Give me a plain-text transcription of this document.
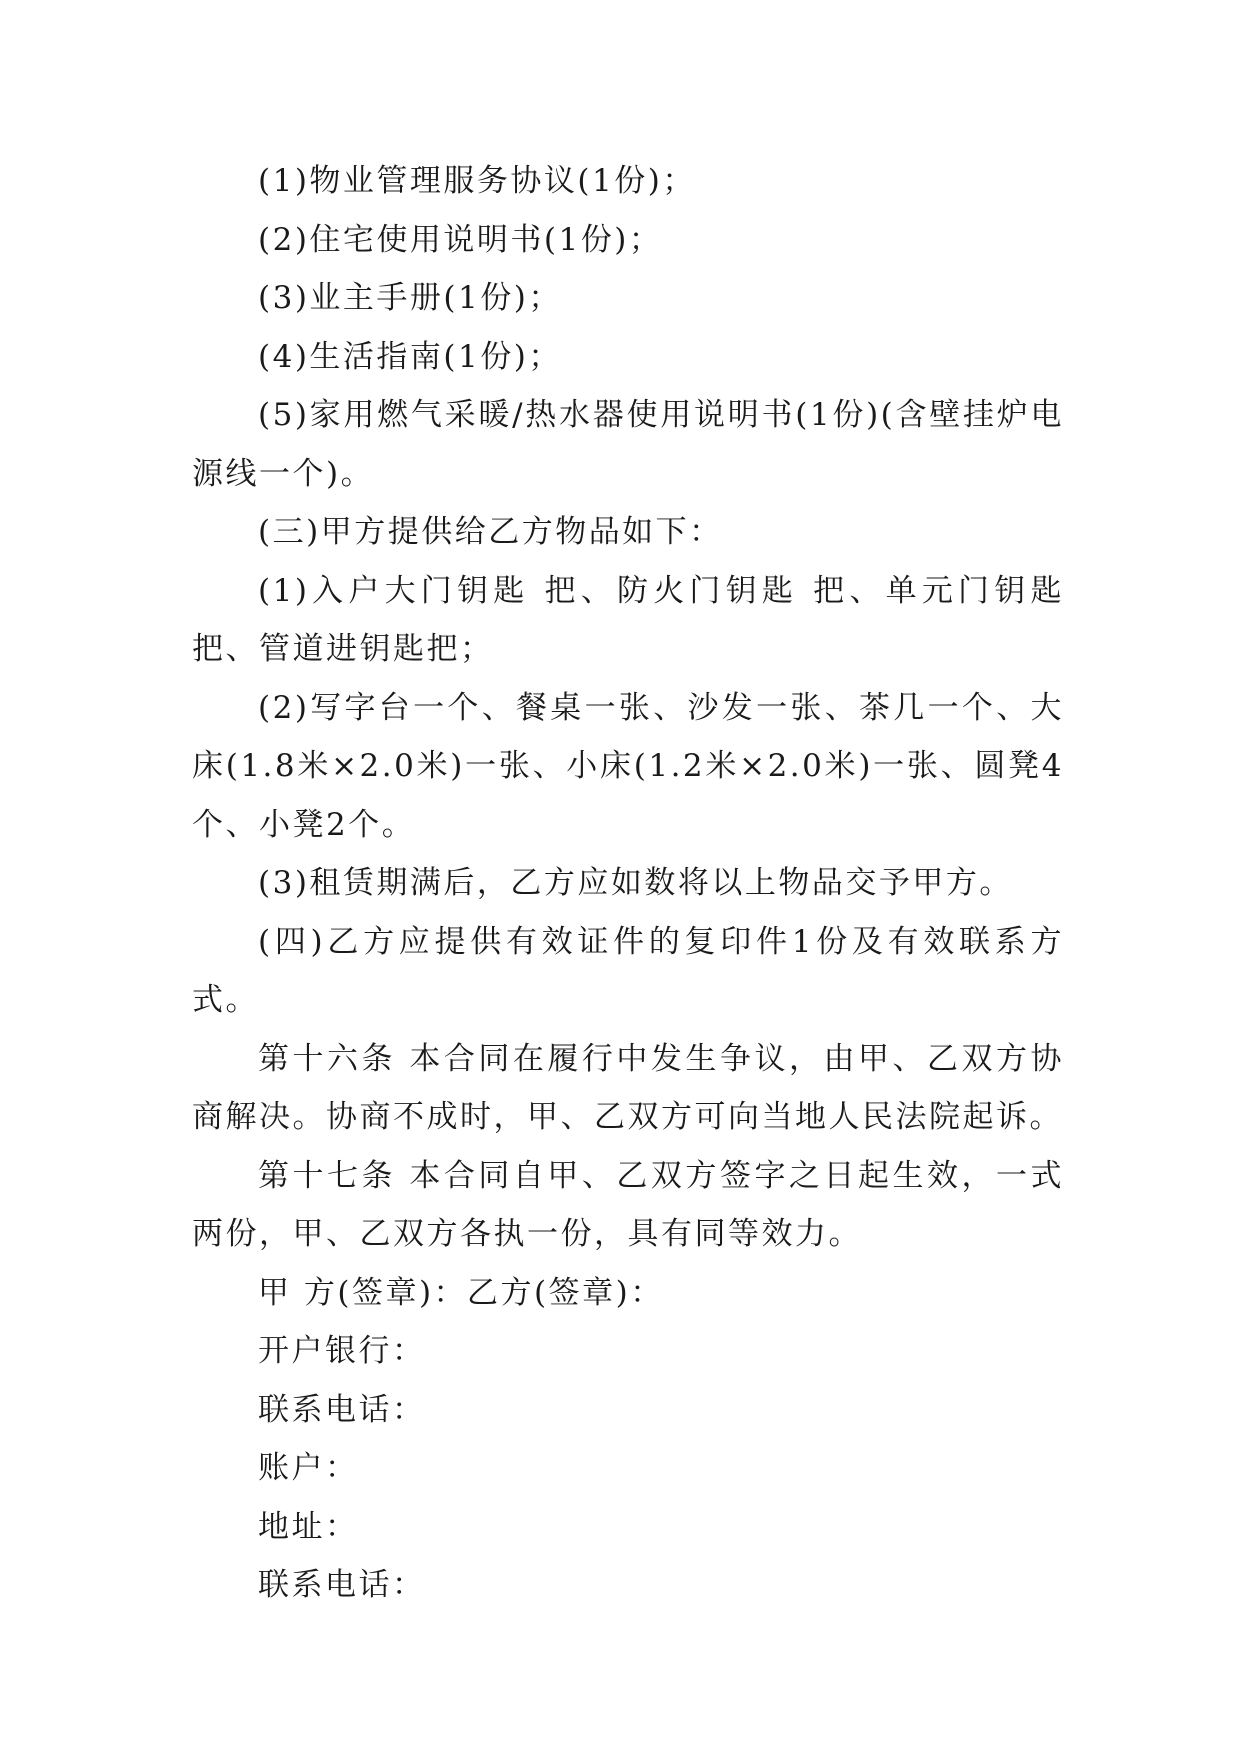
(1)物业管理服务协议(1份)；

(2)住宅使用说明书(1份)；

(3)业主手册(1份)；

(4)生活指南(1份)；

(5)家用燃气采暖/热水器使用说明书(1份)(含壁挂炉电源线一个)。

(三)甲方提供给乙方物品如下：

(1)入户大门钥匙 把、防火门钥匙 把、单元门钥匙 把、管道进钥匙把；

(2)写字台一个、餐桌一张、沙发一张、茶几一个、大床(1.8米×2.0米)一张、小床(1.2米×2.0米)一张、圆凳4个、小凳2个。

(3)租赁期满后，乙方应如数将以上物品交予甲方。

(四)乙方应提供有效证件的复印件1份及有效联系方式。

第十六条 本合同在履行中发生争议，由甲、乙双方协商解决。协商不成时，甲、乙双方可向当地人民法院起诉。

第十七条 本合同自甲、乙双方签字之日起生效，一式两份，甲、乙双方各执一份，具有同等效力。

甲 方(签章)：乙方(签章)：

开户银行：

联系电话：

账户：

地址：

联系电话：
